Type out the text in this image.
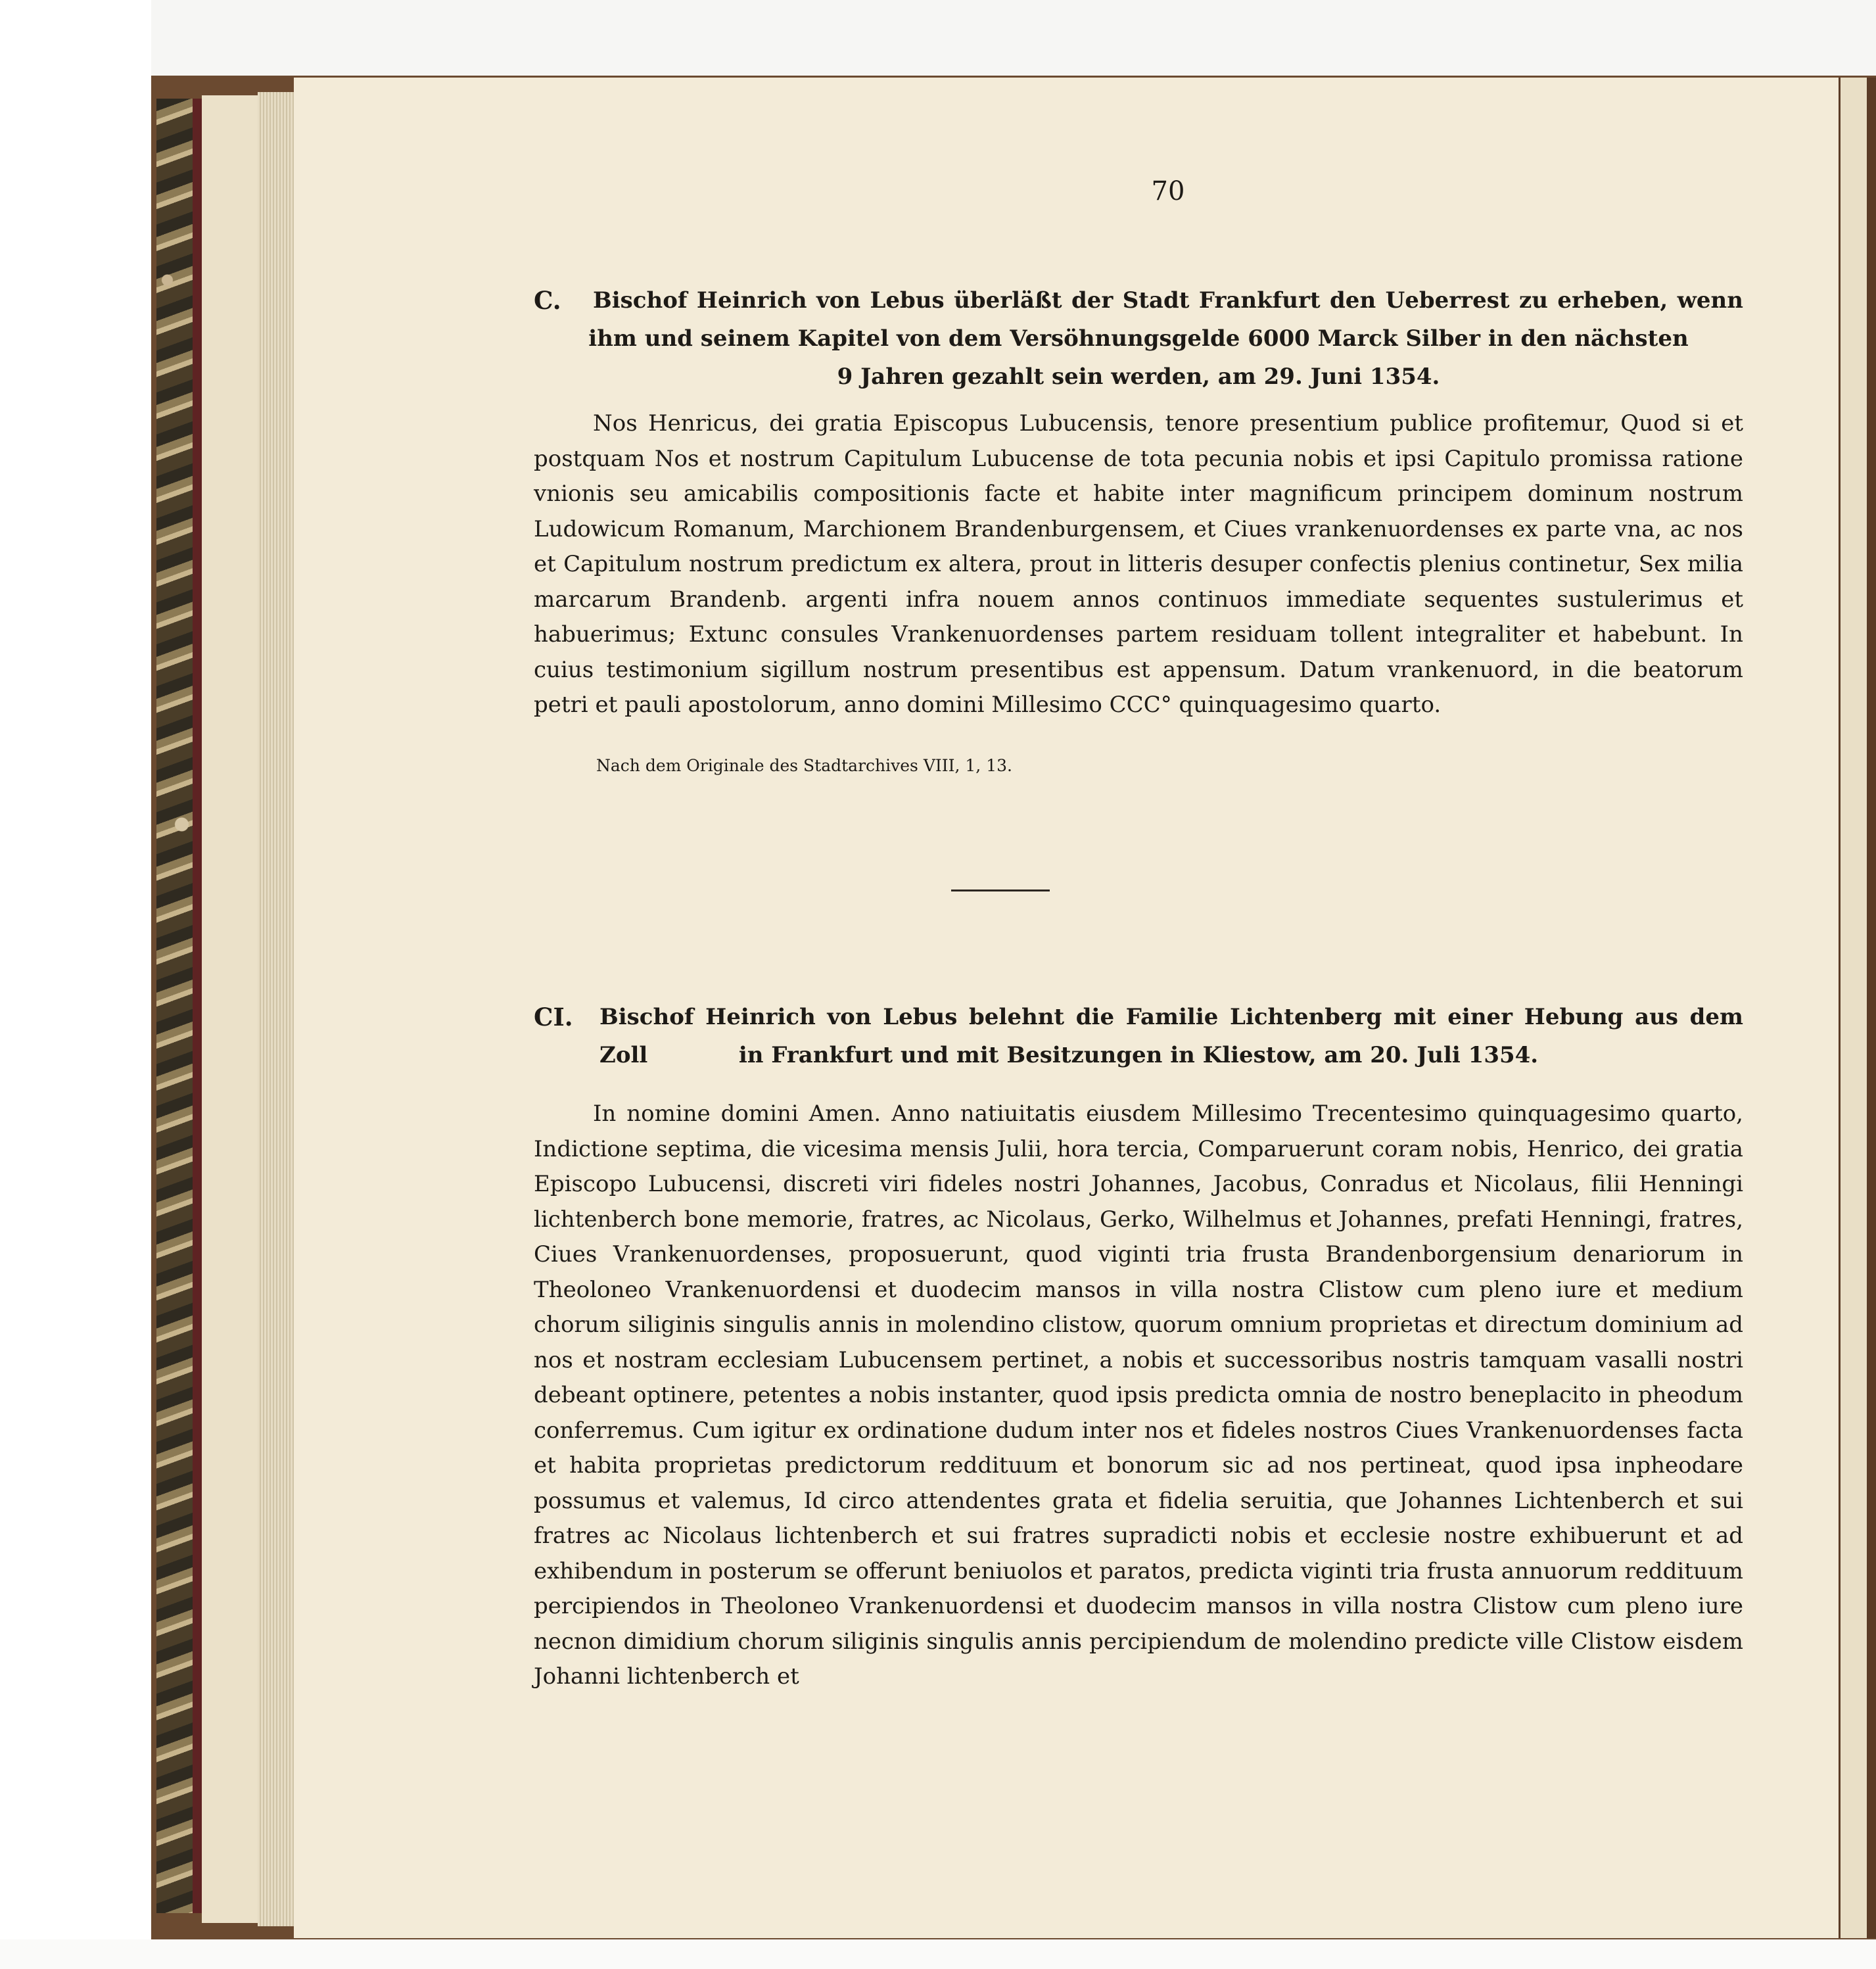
70
C. Bischof Heinrich von Lebus überläßt der Stadt Frankfurt den Ueberrest zu erheben, wenn
ihm und seinem Kapitel von dem Versöhnungsgelde 6000 Marck Silber in den nächsten
9 Jahren gezahlt sein werden, am 29. Juni 1354.

Nos Henricus, dei gratia Episcopus Lubucensis, tenore presentium publice profitemur, Quod si et postquam Nos et nostrum Capitulum Lubucense de tota pecunia nobis et ipsi Capitulo promissa ratione vnionis seu amicabilis compositionis facte et habite inter magnificum principem dominum nostrum Ludowicum Romanum, Marchionem Brandenburgensem, et Ciues vrankenuordenses ex parte vna, ac nos et Capitulum nostrum predictum ex altera, prout in litteris desuper confectis plenius continetur, Sex milia marcarum Brandenb. argenti infra nouem annos continuos immediate sequentes sustulerimus et habuerimus; Extunc consules Vrankenuordenses partem residuam tollent integraliter et habebunt. In cuius testimonium sigillum nostrum presentibus est appensum. Datum vrankenuord, in die beatorum petri et pauli apostolorum, anno domini Millesimo CCC° quinquagesimo quarto.

Nach dem Originale des Stadtarchives VIII, 1, 13.
CI. Bischof Heinrich von Lebus belehnt die Familie Lichtenberg mit einer Hebung aus dem Zoll	in Frankfurt und mit Besitzungen in Kliestow, am 20. Juli 1354.

In nomine domini Amen. Anno natiuitatis eiusdem Millesimo Trecentesimo quinquagesimo quarto, Indictione septima, die vicesima mensis Julii, hora tercia, Comparuerunt coram nobis, Henrico, dei gratia Episcopo Lubucensi, discreti viri fideles nostri Johannes, Jacobus, Conradus et Nicolaus, filii Henningi lichtenberch bone memorie, fratres, ac Nicolaus, Gerko, Wilhelmus et Johannes, prefati Henningi, fratres, Ciues Vrankenuordenses, proposuerunt, quod viginti tria frusta Brandenborgensium denariorum in Theoloneo Vrankenuordensi et duodecim mansos in villa nostra Clistow cum pleno iure et medium chorum siliginis singulis annis in molendino clistow, quorum omnium proprietas et directum dominium ad nos et nostram ecclesiam Lubucensem pertinet, a nobis et successoribus nostris tamquam vasalli nostri debeant optinere, petentes a nobis instanter, quod ipsis predicta omnia de nostro beneplacito in pheodum conferremus. Cum igitur ex ordinatione dudum inter nos et fideles nostros Ciues Vrankenuordenses facta et habita proprietas predictorum reddituum et bonorum sic ad nos pertineat, quod ipsa inpheodare possumus et valemus, Id circo attendentes grata et fidelia seruitia, que Johannes Lichtenberch et sui fratres ac Nicolaus lichtenberch et sui fratres supradicti nobis et ecclesie nostre exhibuerunt et ad exhibendum in posterum se offerunt beniuolos et paratos, predicta viginti tria frusta annuorum reddituum percipiendos in Theoloneo Vrankenuordensi et duodecim mansos in villa nostra Clistow cum pleno iure necnon dimidium chorum siliginis singulis annis percipiendum de molendino predicte ville Clistow eisdem Johanni lichtenberch et
